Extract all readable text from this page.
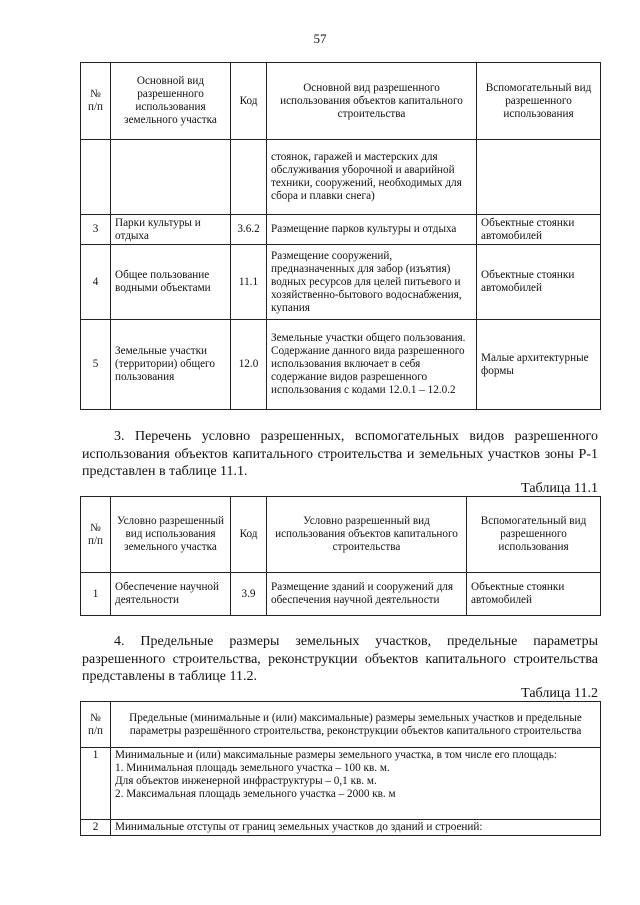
57
№ п/п	Основной вид разрешенного использования земельного участка	Код	Основной вид разрешенного использования объектов капитального строительства	Вспомогательный вид разрешенного использования
			стоянок, гаражей и мастерских для обслуживания уборочной и аварийной техники, сооружений, необходимых для сбора и плавки снега)	
3	Парки культуры и отдыха	3.6.2	Размещение парков культуры и отдыха	Объектные стоянки автомобилей
4	Общее пользование водными объектами	11.1	Размещение сооружений, предназначенных для забор (изъятия) водных ресурсов для целей питьевого и хозяйственно-бытового водоснабжения, купания	Объектные стоянки автомобилей
5	Земельные участки (территории) общего пользования	12.0	Земельные участки общего пользования. Содержание данного вида разрешенного использования включает в себя содержание видов разрешенного использования с кодами 12.0.1 – 12.0.2	Малые архитектурные формы
3. Перечень условно разрешенных, вспомогательных видов разрешенного использования объектов капитального строительства и земельных участков зоны Р-1 представлен в таблице 11.1.
Таблица 11.1
№ п/п	Условно разрешенный вид использования земельного участка	Код	Условно разрешенный вид использования объектов капитального строительства	Вспомогательный вид разрешенного использования
1	Обеспечение научной деятельности	3.9	Размещение зданий и сооружений для обеспечения научной деятельности	Объектные стоянки автомобилей
4. Предельные размеры земельных участков, предельные параметры разрешенного строительства, реконструкции объектов капитального строительства представлены в таблице 11.2.
Таблица 11.2
№ п/п	Предельные (минимальные и (или) максимальные) размеры земельных участков и предельные параметры разрешённого строительства, реконструкции объектов капитального строительства
1	Минимальные и (или) максимальные размеры земельного участка, в том числе его площадь:
1. Минимальная площадь земельного участка – 100 кв. м.
Для объектов инженерной инфраструктуры – 0,1 кв. м.
2. Максимальная площадь земельного участка – 2000 кв. м

2	Минимальные отступы от границ земельных участков до зданий и строений:
